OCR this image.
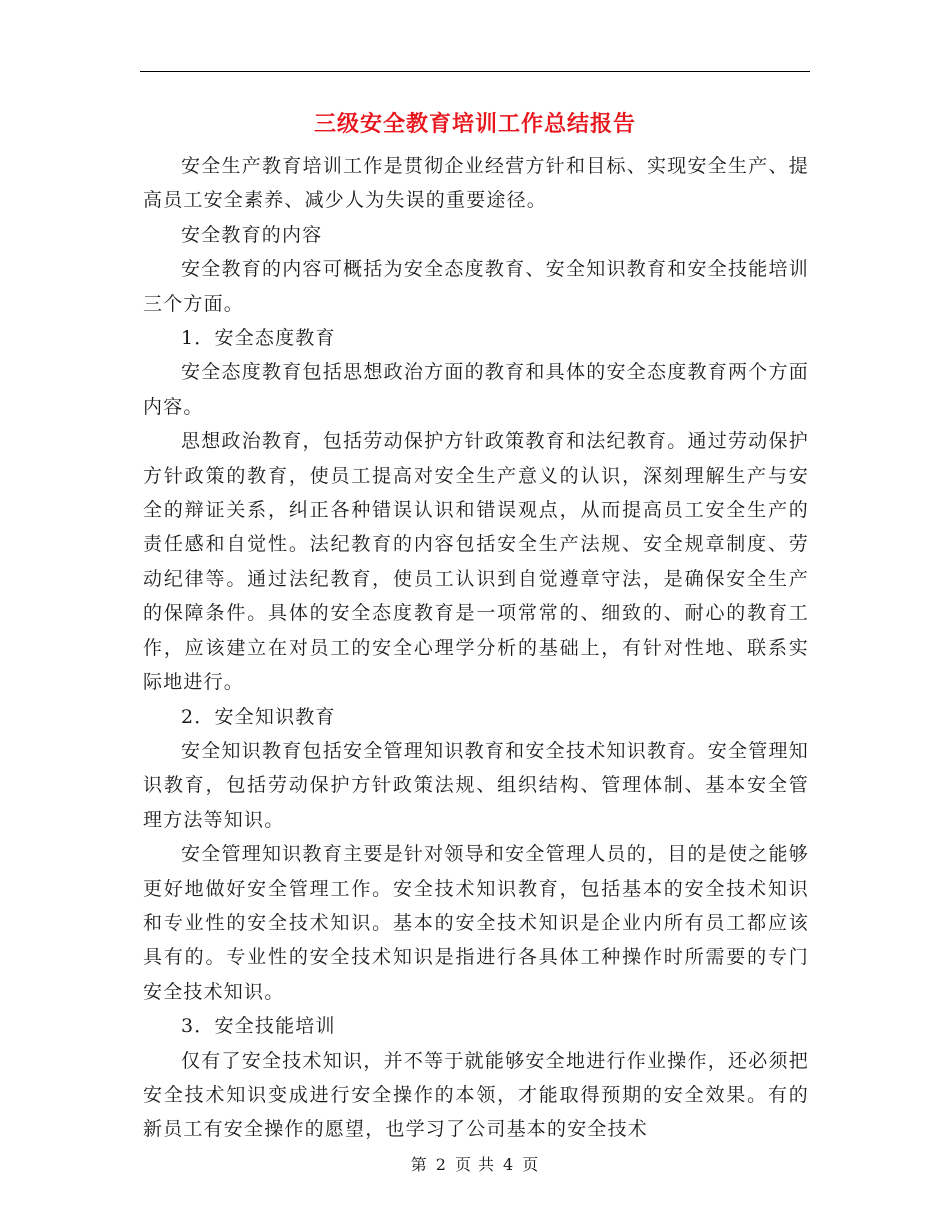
三级安全教育培训工作总结报告

安全生产教育培训工作是贯彻企业经营方针和目标、实现安全生产、提高员工安全素养、减少人为失误的重要途径。

安全教育的内容

安全教育的内容可概括为安全态度教育、安全知识教育和安全技能培训三个方面。

1．安全态度教育

安全态度教育包括思想政治方面的教育和具体的安全态度教育两个方面内容。

思想政治教育，包括劳动保护方针政策教育和法纪教育。通过劳动保护方针政策的教育，使员工提高对安全生产意义的认识，深刻理解生产与安全的辩证关系，纠正各种错误认识和错误观点，从而提高员工安全生产的责任感和自觉性。法纪教育的内容包括安全生产法规、安全规章制度、劳动纪律等。通过法纪教育，使员工认识到自觉遵章守法，是确保安全生产的保障条件。具体的安全态度教育是一项常常的、细致的、耐心的教育工作，应该建立在对员工的安全心理学分析的基础上，有针对性地、联系实际地进行。

2．安全知识教育

安全知识教育包括安全管理知识教育和安全技术知识教育。安全管理知识教育，包括劳动保护方针政策法规、组织结构、管理体制、基本安全管理方法等知识。

安全管理知识教育主要是针对领导和安全管理人员的，目的是使之能够更好地做好安全管理工作。安全技术知识教育，包括基本的安全技术知识和专业性的安全技术知识。基本的安全技术知识是企业内所有员工都应该具有的。专业性的安全技术知识是指进行各具体工种操作时所需要的专门安全技术知识。

3．安全技能培训

仅有了安全技术知识，并不等于就能够安全地进行作业操作，还必须把安全技术知识变成进行安全操作的本领，才能取得预期的安全效果。有的新员工有安全操作的愿望，也学习了公司基本的安全技术

第 2 页 共 4 页
